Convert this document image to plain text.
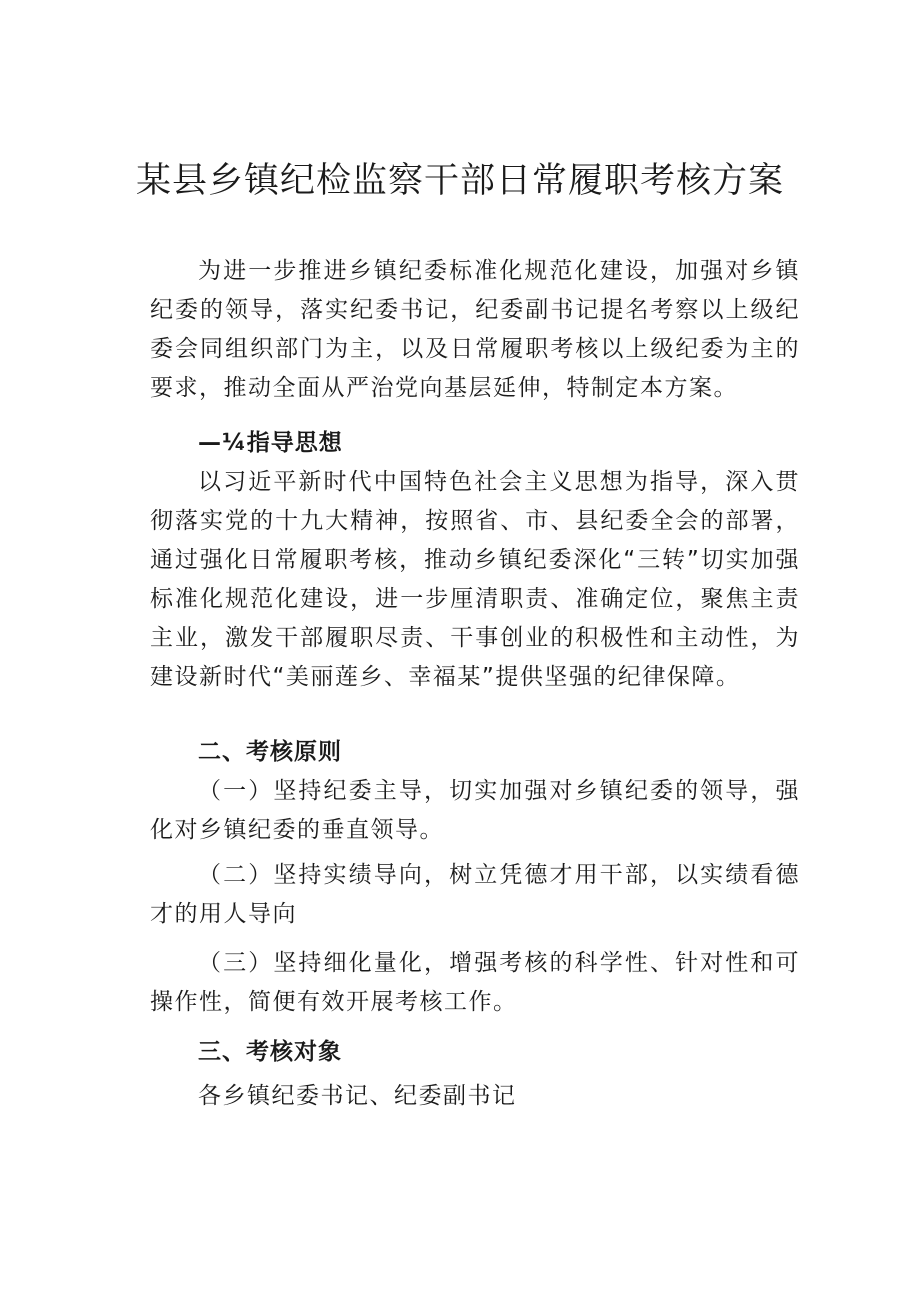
某县乡镇纪检监察干部日常履职考核方案

为进一步推进乡镇纪委标准化规范化建设，加强对乡镇纪委的领导，落实纪委书记，纪委副书记提名考察以上级纪委会同组织部门为主，以及日常履职考核以上级纪委为主的要求，推动全面从严治党向基层延伸，特制定本方案。

—¼指导思想

以习近平新时代中国特色社会主义思想为指导，深入贯彻落实党的十九大精神，按照省、市、县纪委全会的部署，通过强化日常履职考核，推动乡镇纪委深化“三转”切实加强标准化规范化建设，进一步厘清职责、准确定位，聚焦主责主业，激发干部履职尽责、干事创业的积极性和主动性，为建设新时代“美丽莲乡、幸福某”提供坚强的纪律保障。

二、考核原则

（一）坚持纪委主导，切实加强对乡镇纪委的领导，强化对乡镇纪委的垂直领导。

（二）坚持实绩导向，树立凭德才用干部，以实绩看德才的用人导向

（三）坚持细化量化，增强考核的科学性、针对性和可操作性，简便有效开展考核工作。

三、考核对象
各乡镇纪委书记、纪委副书记
